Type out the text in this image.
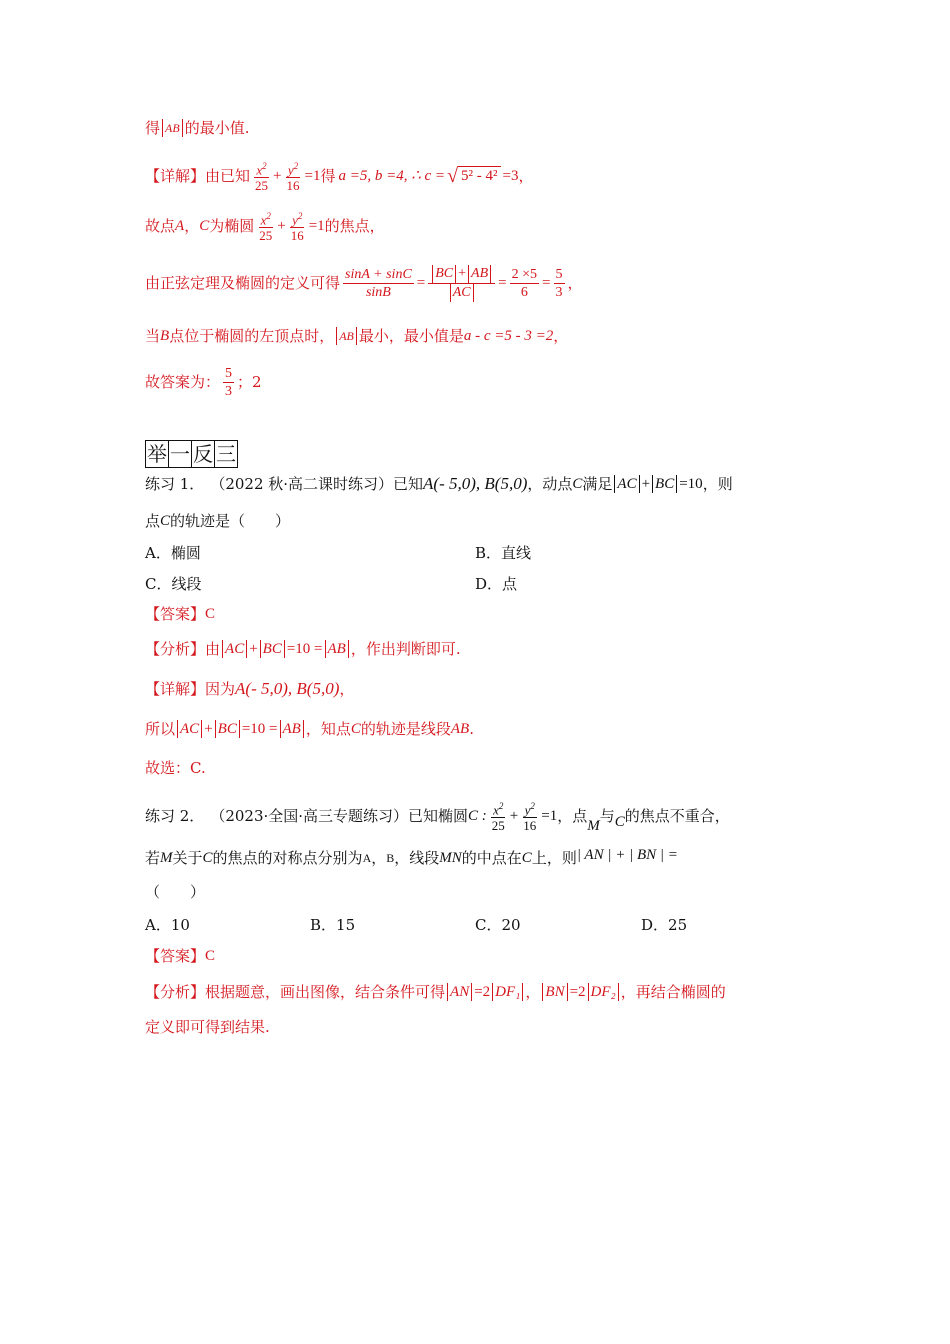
得 AB 的最小值.
【详解】 由已知 $\frac{x^2}{25} + \frac{y^2}{16} =1$ 得 a =5, b =4, ∴ c = √ 5² - 4² =3 ，
故点 A ， C 为椭圆 $\frac{x^2}{25} + \frac{y^2}{16} =1$ 的焦点，
由正弦定理及椭圆的定义可得 $\frac{\sin A + \sin C}{\sin B} = \frac{BC + AB}{AC} = \frac{2 \times 5}{6} = \frac{5}{3}$ ，
当 B 点位于椭圆的左顶点时， AB 最小，最小值是 a - c =5 - 3 =2 ，
故答案为： $\frac{5}{3}$ ；2
举 一 反 三
练习 1． （2022 秋·高二课时练习）已知 A(- 5,0), B(5,0) ，动点 C 满足 AC + BC =10 ，则
点 C 的轨迹是（　　）
A．椭圆	B．直线
C．线段	D．点
【答案】 C
【分析】 由 AC + BC =10 = AB ，作出判断即可.
【详解】 因为 A(- 5,0), B(5,0) ，
所以 AC + BC =10 = AB ，知点 C 的轨迹是线段 AB .
故选：C.
练习 2． （2023·全国·高三专题练习）已知椭圆 C : $\frac{x^2}{25} + \frac{y^2}{16} =1$ ，点
M
与 C 的焦点不重合，
若 M 关于 C 的焦点的对称点分别为 A ， B ，线段 MN 的中点在 C 上，则 | AN | + | BN | =
（　　）
A．10	B．15	C．20	D．25
【答案】 C
【分析】 根据题意，画出图像，结合条件可得 AN =2 DF₁ ， BN =2 DF₂ ，再结合椭圆的
定义即可得到结果.
